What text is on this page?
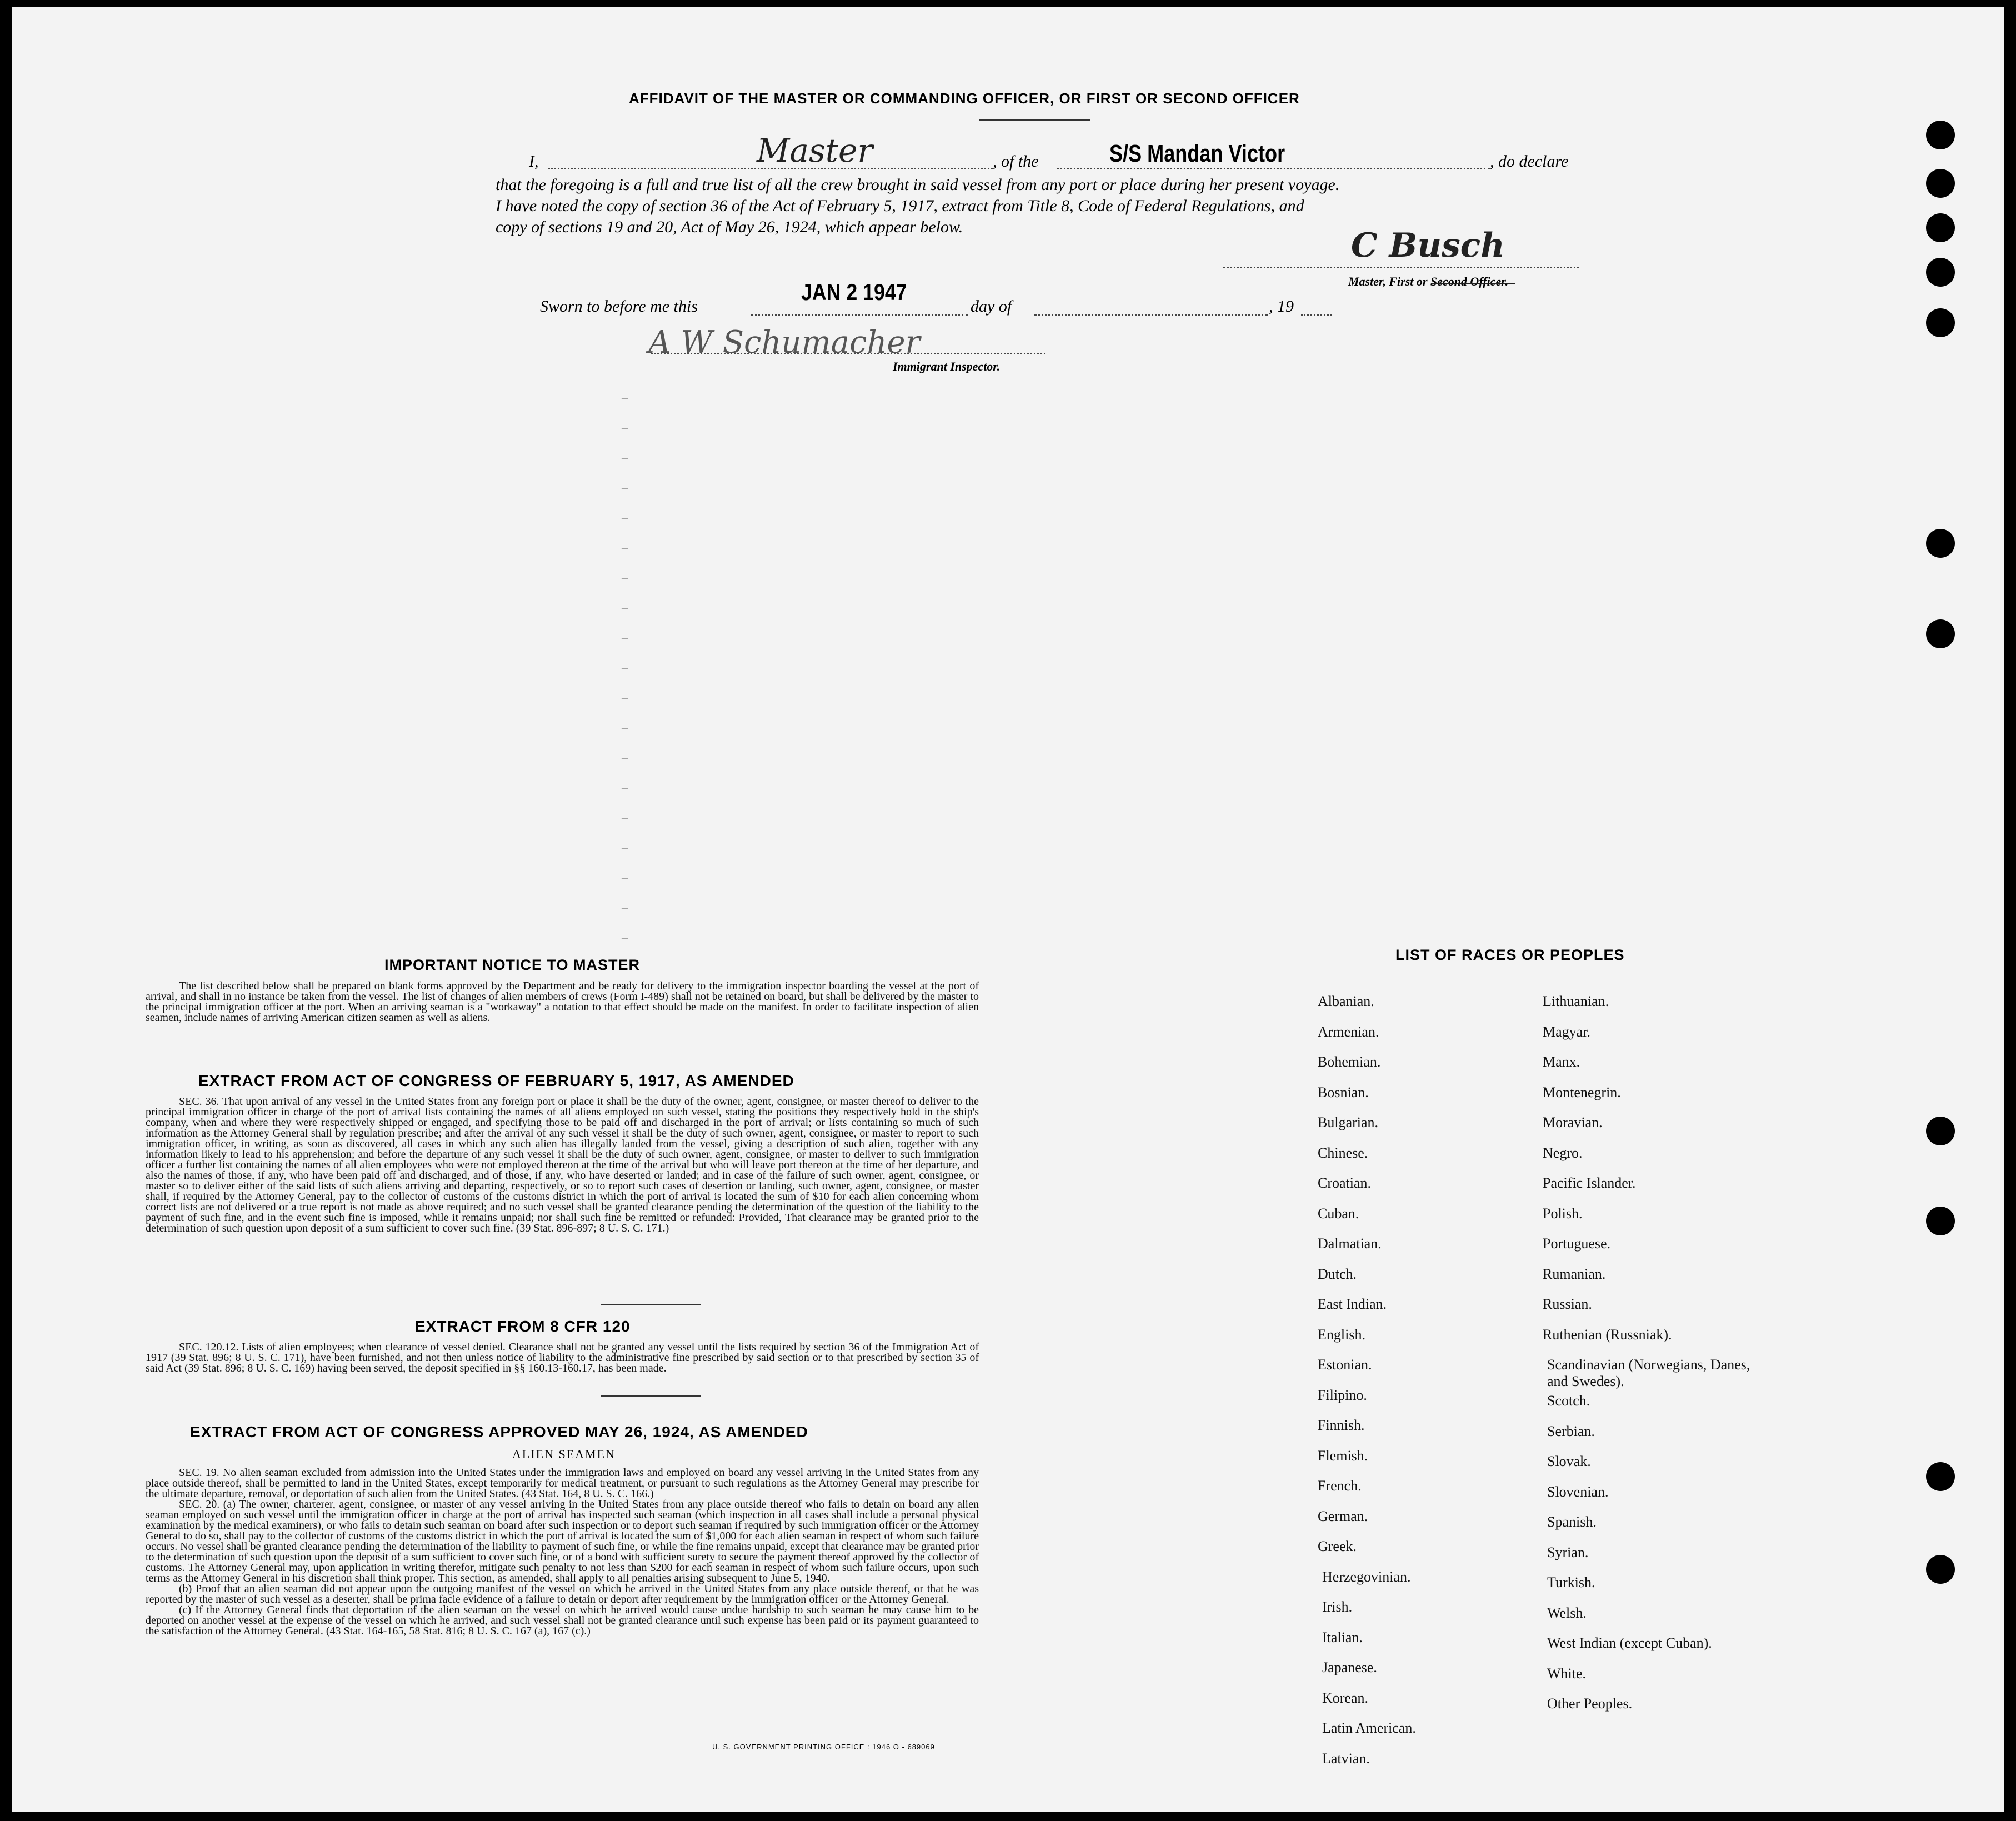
–
–
–
–
–
–
–
–
–
–
–
–
–
–
–
–
–
–
–
AFFIDAVIT OF THE MASTER OR COMMANDING OFFICER, OR FIRST OR SECOND OFFICER
I,	Master	, of the	S/S Mandan Victor	, do declare
that the foregoing is a full and true list of all the crew brought in said vessel from any port or place during her present voyage.
I have noted the copy of section 36 of the Act of February 5, 1917, extract from Title 8, Code of Federal Regulations, and
copy of sections 19 and 20, Act of May 26, 1924, which appear below.	C Busch
Master, First or Second Officer.
Sworn to before me this
JAN 2 1947
day of	, 19
A W Schumacher
Immigrant Inspector.
IMPORTANT NOTICE TO MASTER

The list described below shall be prepared on blank forms approved by the Department and be ready for delivery to the immigration inspector boarding the vessel at the port of arrival, and shall in no instance be taken from the vessel. The list of changes of alien members of crews (Form I-489) shall not be retained on board, but shall be delivered by the master to the principal immigration officer at the port. When an arriving seaman is a "workaway" a notation to that effect should be made on the manifest. In order to facilitate inspection of alien seamen, include names of arriving American citizen seamen as well as aliens.

EXTRACT FROM ACT OF CONGRESS OF FEBRUARY 5, 1917, AS AMENDED

SEC. 36. That upon arrival of any vessel in the United States from any foreign port or place it shall be the duty of the owner, agent, consignee, or master thereof to deliver to the principal immigration officer in charge of the port of arrival lists containing the names of all aliens employed on such vessel, stating the positions they respectively hold in the ship's company, when and where they were respectively shipped or engaged, and specifying those to be paid off and discharged in the port of arrival; or lists containing so much of such information as the Attorney General shall by regulation prescribe; and after the arrival of any such vessel it shall be the duty of such owner, agent, consignee, or master to report to such immigration officer, in writing, as soon as discovered, all cases in which any such alien has illegally landed from the vessel, giving a description of such alien, together with any information likely to lead to his apprehension; and before the departure of any such vessel it shall be the duty of such owner, agent, consignee, or master to deliver to such immigration officer a further list containing the names of all alien employees who were not employed thereon at the time of the arrival but who will leave port thereon at the time of her departure, and also the names of those, if any, who have been paid off and discharged, and of those, if any, who have deserted or landed; and in case of the failure of such owner, agent, consignee, or master so to deliver either of the said lists of such aliens arriving and departing, respectively, or so to report such cases of desertion or landing, such owner, agent, consignee, or master shall, if required by the Attorney General, pay to the collector of customs of the customs district in which the port of arrival is located the sum of $10 for each alien concerning whom correct lists are not delivered or a true report is not made as above required; and no such vessel shall be granted clearance pending the determination of the question of the liability to the payment of such fine, and in the event such fine is imposed, while it remains unpaid; nor shall such fine be remitted or refunded: Provided, That clearance may be granted prior to the determination of such question upon deposit of a sum sufficient to cover such fine. (39 Stat. 896-897; 8 U. S. C. 171.)

EXTRACT FROM 8 CFR 120

SEC. 120.12. Lists of alien employees; when clearance of vessel denied. Clearance shall not be granted any vessel until the lists required by section 36 of the Immigration Act of 1917 (39 Stat. 896; 8 U. S. C. 171), have been furnished, and not then unless notice of liability to the administrative fine prescribed by said section or to that prescribed by section 35 of said Act (39 Stat. 896; 8 U. S. C. 169) having been served, the deposit specified in §§ 160.13-160.17, has been made.

EXTRACT FROM ACT OF CONGRESS APPROVED MAY 26, 1924, AS AMENDED
ALIEN SEAMEN

SEC. 19. No alien seaman excluded from admission into the United States under the immigration laws and employed on board any vessel arriving in the United States from any place outside thereof, shall be permitted to land in the United States, except temporarily for medical treatment, or pursuant to such regulations as the Attorney General may prescribe for the ultimate departure, removal, or deportation of such alien from the United States. (43 Stat. 164, 8 U. S. C. 166.)

SEC. 20. (a) The owner, charterer, agent, consignee, or master of any vessel arriving in the United States from any place outside thereof who fails to detain on board any alien seaman employed on such vessel until the immigration officer in charge at the port of arrival has inspected such seaman (which inspection in all cases shall include a personal physical examination by the medical examiners), or who fails to detain such seaman on board after such inspection or to deport such seaman if required by such immigration officer or the Attorney General to do so, shall pay to the collector of customs of the customs district in which the port of arrival is located the sum of $1,000 for each alien seaman in respect of whom such failure occurs. No vessel shall be granted clearance pending the determination of the liability to payment of such fine, or while the fine remains unpaid, except that clearance may be granted prior to the determination of such question upon the deposit of a sum sufficient to cover such fine, or of a bond with sufficient surety to secure the payment thereof approved by the collector of customs. The Attorney General may, upon application in writing therefor, mitigate such penalty to not less than $200 for each seaman in respect of whom such failure occurs, upon such terms as the Attorney General in his discretion shall think proper. This section, as amended, shall apply to all penalties arising subsequent to June 5, 1940.

(b) Proof that an alien seaman did not appear upon the outgoing manifest of the vessel on which he arrived in the United States from any place outside thereof, or that he was reported by the master of such vessel as a deserter, shall be prima facie evidence of a failure to detain or deport after requirement by the immigration officer or the Attorney General.

(c) If the Attorney General finds that deportation of the alien seaman on the vessel on which he arrived would cause undue hardship to such seaman he may cause him to be deported on another vessel at the expense of the vessel on which he arrived, and such vessel shall not be granted clearance until such expense has been paid or its payment guaranteed to the satisfaction of the Attorney General. (43 Stat. 164-165, 58 Stat. 816; 8 U. S. C. 167 (a), 167 (c).)

U. S. GOVERNMENT PRINTING OFFICE : 1946 O - 689069
LIST OF RACES OR PEOPLES
Albanian.
Armenian.
Bohemian.
Bosnian.
Bulgarian.
Chinese.
Croatian.
Cuban.
Dalmatian.
Dutch.
East Indian.
English.
Estonian.
Filipino.
Finnish.
Flemish.
French.
German.
Greek.
Herzegovinian.
Irish.
Italian.
Japanese.
Korean.
Latin American.
Latvian.
Lithuanian.
Magyar.
Manx.
Montenegrin.
Moravian.
Negro.
Pacific Islander.
Polish.
Portuguese.
Rumanian.
Russian.
Ruthenian (Russniak).
Scandinavian (Norwegians, Danes, and Swedes).
Scotch.
Serbian.
Slovak.
Slovenian.
Spanish.
Syrian.
Turkish.
Welsh.
West Indian (except Cuban).
White.
Other Peoples.
